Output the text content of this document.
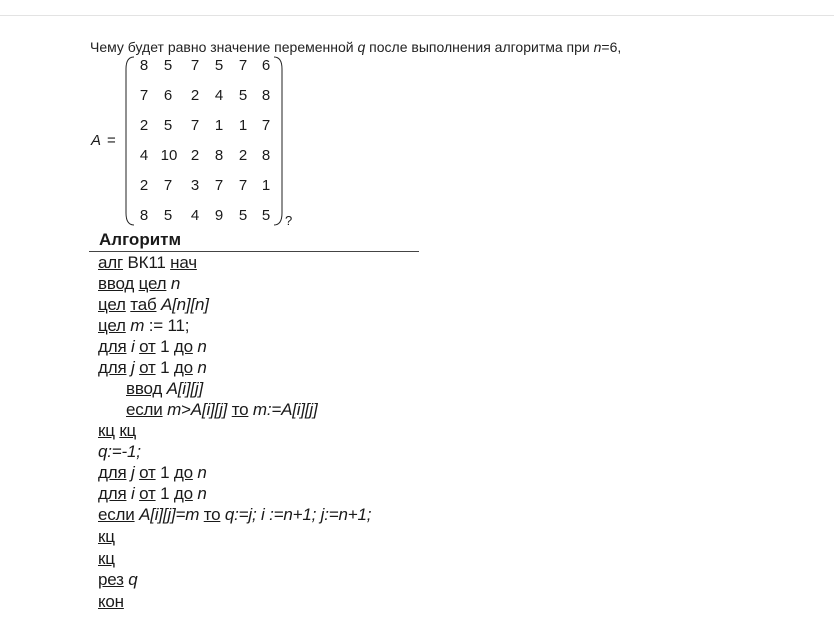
Чему будет равно значение переменной q после выполнения алгоритма при n=6,
A =
8	5	7	5	7 6
7	6	2	4	5 8
2	5	7	1	1 7
4 10 2	8	2 8
2	7	3	7	7 1
8	5	4	9	5 5	?
Алгоритм
алг ВК11 нач
ввод цел n
цел таб A[n][n]
цел m := 11;
для i от 1 до n
для j от 1 до n
ввод A[i][j]
если m>A[i][j] то m:=A[i][j]
кц кц
q:=-1;
для j от 1 до n
для i от 1 до n
если A[i][j]=m то q:=j; i :=n+1; j:=n+1;
кц
кц
рез q
кон
